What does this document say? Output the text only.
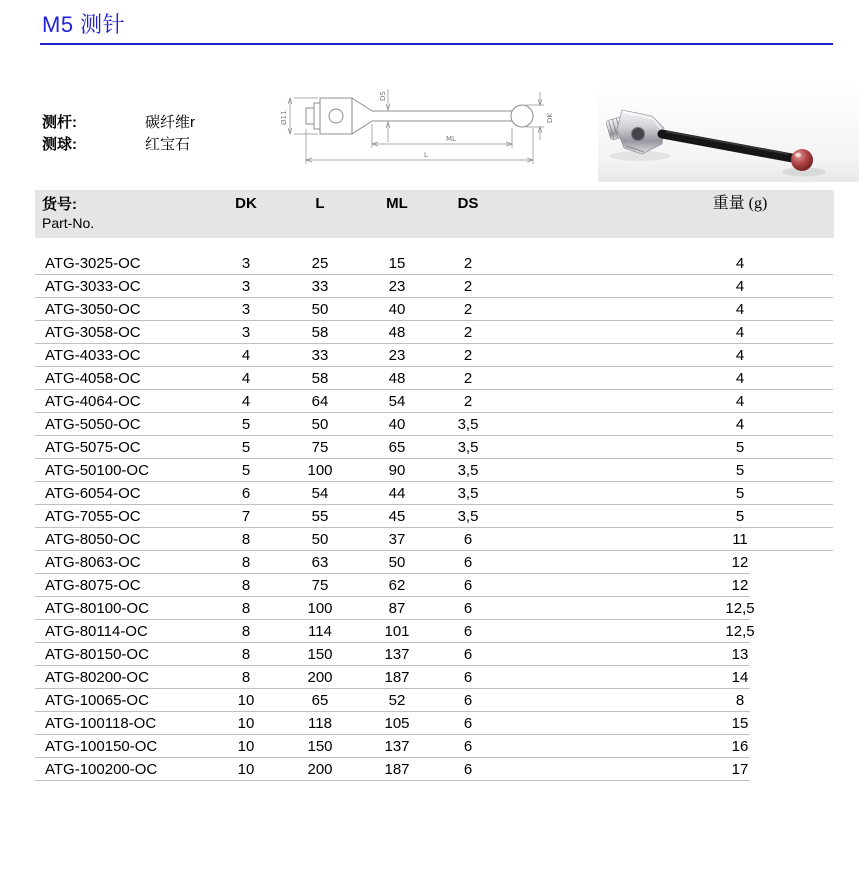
M5 测针
测杆:	碳纤维r
测球:	红宝石
Ø11
DS
DK
ML
L
货号:
Part-No.
DK	L	ML	DS	重量 (g)
ATG-3025-OC	3	25	15	2	4
ATG-3033-OC	3	33	23	2	4
ATG-3050-OC	3	50	40	2	4
ATG-3058-OC	3	58	48	2	4
ATG-4033-OC	4	33	23	2	4
ATG-4058-OC	4	58	48	2	4
ATG-4064-OC	4	64	54	2	4
ATG-5050-OC	5	50	40	3,5	4
ATG-5075-OC	5	75	65	3,5	5
ATG-50100-OC	5	100	90	3,5	5
ATG-6054-OC	6	54	44	3,5	5
ATG-7055-OC	7	55	45	3,5	5
ATG-8050-OC	8	50	37	6	11
ATG-8063-OC	8	63	50	6	12
ATG-8075-OC	8	75	62	6	12
ATG-80100-OC	8	100	87	6	12,5
ATG-80114-OC	8	114	101	6	12,5
ATG-80150-OC	8	150	137	6	13
ATG-80200-OC	8	200	187	6	14
ATG-10065-OC	10	65	52	6	8
ATG-100118-OC	10	118	105	6	15
ATG-100150-OC	10	150	137	6	16
ATG-100200-OC	10	200	187	6	17
